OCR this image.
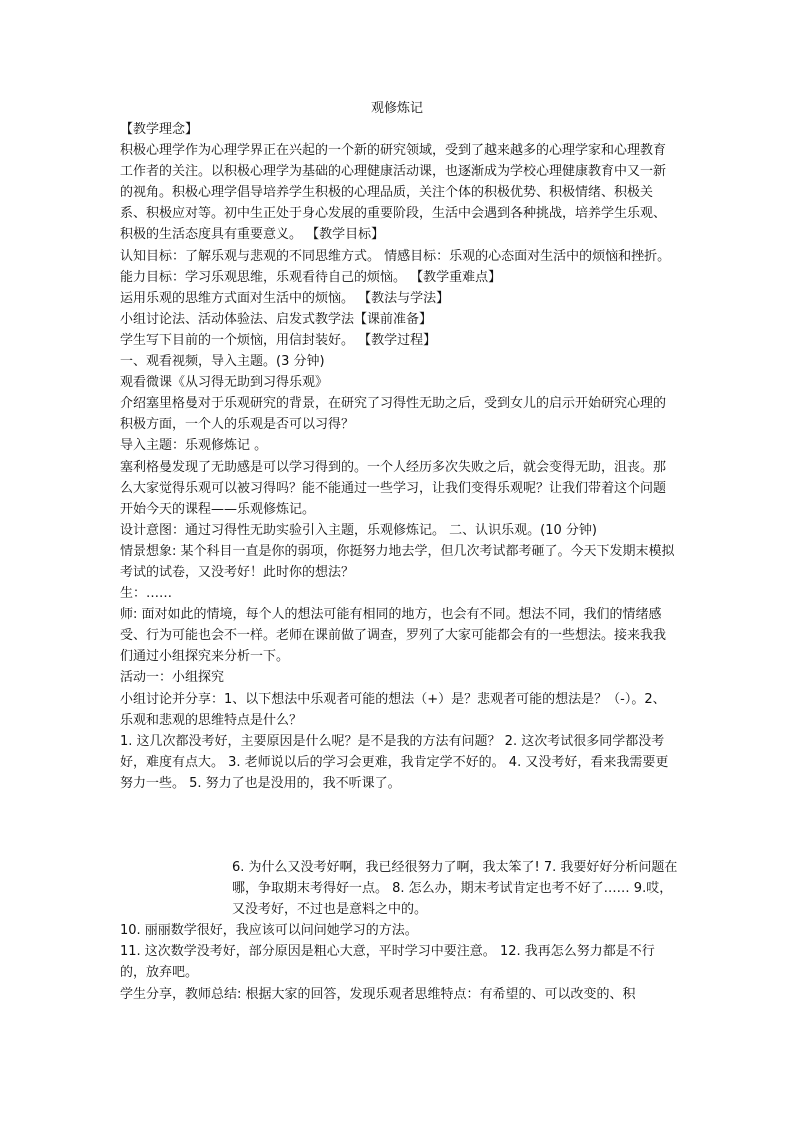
观修炼记

【教学理念】

积极心理学作为心理学界正在兴起的一个新的研究领域，受到了越来越多的心理学家和心理教育工作者的关注。以积极心理学为基础的心理健康活动课，也逐渐成为学校心理健康教育中又一新的视角。积极心理学倡导培养学生积极的心理品质，关注个体的积极优势、积极情绪、积极关系、积极应对等。初中生正处于身心发展的重要阶段，生活中会遇到各种挑战，培养学生乐观、积极的生活态度具有重要意义。 【教学目标】

认知目标：了解乐观与悲观的不同思维方式。 情感目标：乐观的心态面对生活中的烦恼和挫折。 能力目标：学习乐观思维，乐观看待自己的烦恼。 【教学重难点】

运用乐观的思维方式面对生活中的烦恼。 【教法与学法】

小组讨论法、活动体验法、启发式教学法【课前准备】

学生写下目前的一个烦恼，用信封装好。 【教学过程】

一、观看视频，导入主题。(3 分钟)

观看微课《从习得无助到习得乐观》

介绍塞里格曼对于乐观研究的背景，在研究了习得性无助之后，受到女儿的启示开始研究心理的积极方面，一个人的乐观是否可以习得？

导入主题：乐观修炼记 。

塞利格曼发现了无助感是可以学习得到的。一个人经历多次失败之后，就会变得无助，沮丧。那么大家觉得乐观可以被习得吗？能不能通过一些学习，让我们变得乐观呢？让我们带着这个问题开始今天的课程——乐观修炼记。

设计意图：通过习得性无助实验引入主题，乐观修炼记。 二、认识乐观。(10 分钟)

情景想象: 某个科目一直是你的弱项，你挺努力地去学，但几次考试都考砸了。今天下发期末模拟考试的试卷，又没考好！此时你的想法？

生：……

师: 面对如此的情境，每个人的想法可能有相同的地方，也会有不同。想法不同，我们的情绪感受、行为可能也会不一样。老师在课前做了调查，罗列了大家可能都会有的一些想法。接来我我们通过小组探究来分析一下。

活动一：小组探究

小组讨论并分享：1、以下想法中乐观者可能的想法（+）是？悲观者可能的想法是？（-）。2、乐观和悲观的思维特点是什么？

1. 这几次都没考好，主要原因是什么呢？是不是我的方法有问题？ 2. 这次考试很多同学都没考好，难度有点大。 3. 老师说以后的学习会更难，我肯定学不好的。 4. 又没考好，看来我需要更努力一些。 5. 努力了也是没用的，我不听课了。

6. 为什么又没考好啊，我已经很努力了啊，我太笨了! 7. 我要好好分析问题在哪，争取期末考得好一点。 8. 怎么办，期末考试肯定也考不好了…… 9.哎，又没考好，不过也是意料之中的。

10. 丽丽数学很好，我应该可以问问她学习的方法。

11. 这次数学没考好，部分原因是粗心大意，平时学习中要注意。 12. 我再怎么努力都是不行的，放弃吧。

学生分享，教师总结: 根据大家的回答，发现乐观者思维特点：有希望的、可以改变的、积
